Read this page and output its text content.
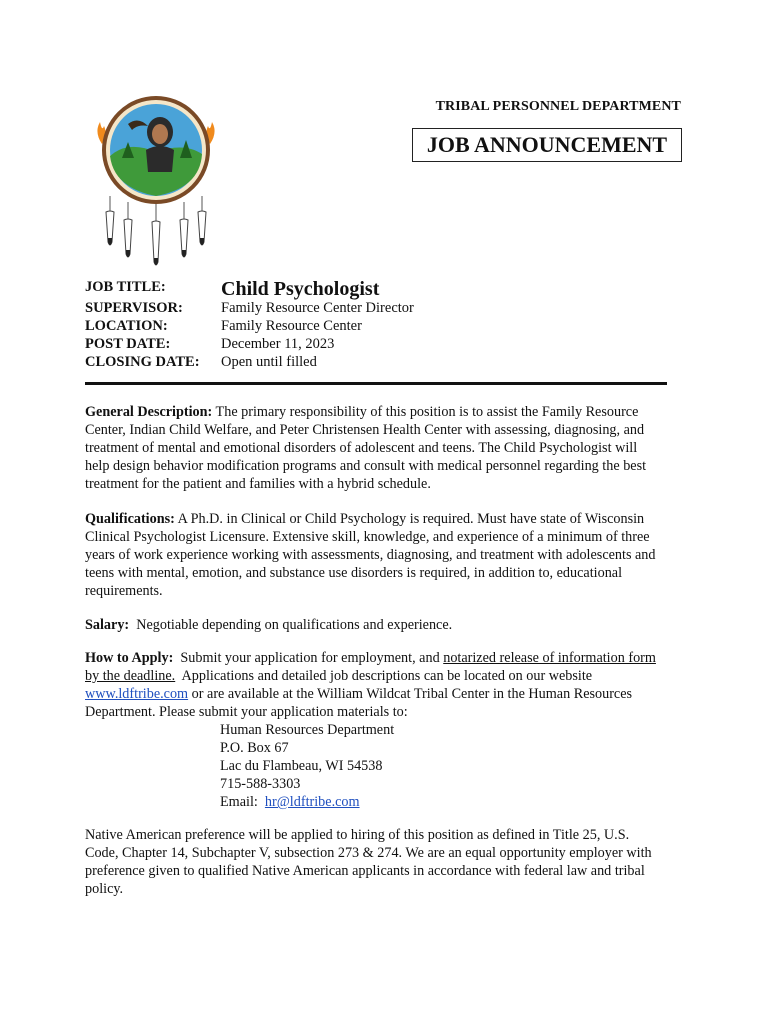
TRIBAL PERSONNEL DEPARTMENT
JOB ANNOUNCEMENT
JOB TITLE:	Child Psychologist
SUPERVISOR:	Family Resource Center Director
LOCATION:	Family Resource Center
POST DATE:	December 11, 2023
CLOSING DATE:	Open until filled
General Description: The primary responsibility of this position is to assist the Family Resource Center, Indian Child Welfare, and Peter Christensen Health Center with assessing, diagnosing, and treatment of mental and emotional disorders of adolescent and teens. The Child Psychologist will help design behavior modification programs and consult with medical personnel regarding the best treatment for the patient and families with a hybrid schedule.
Qualifications: A Ph.D. in Clinical or Child Psychology is required. Must have state of Wisconsin Clinical Psychologist Licensure. Extensive skill, knowledge, and experience of a minimum of three years of work experience working with assessments, diagnosing, and treatment with adolescents and teens with mental, emotion, and substance use disorders is required, in addition to, educational requirements.
Salary:  Negotiable depending on qualifications and experience.
How to Apply:  Submit your application for employment, and notarized release of information form by the deadline.  Applications and detailed job descriptions can be located on our website www.ldftribe.com or are available at the William Wildcat Tribal Center in the Human Resources Department. Please submit your application materials to:
Human Resources Department
P.O. Box 67
Lac du Flambeau, WI 54538
715-588-3303
Email:  hr@ldftribe.com
Native American preference will be applied to hiring of this position as defined in Title 25, U.S. Code, Chapter 14, Subchapter V, subsection 273 & 274. We are an equal opportunity employer with preference given to qualified Native American applicants in accordance with federal law and tribal policy.
